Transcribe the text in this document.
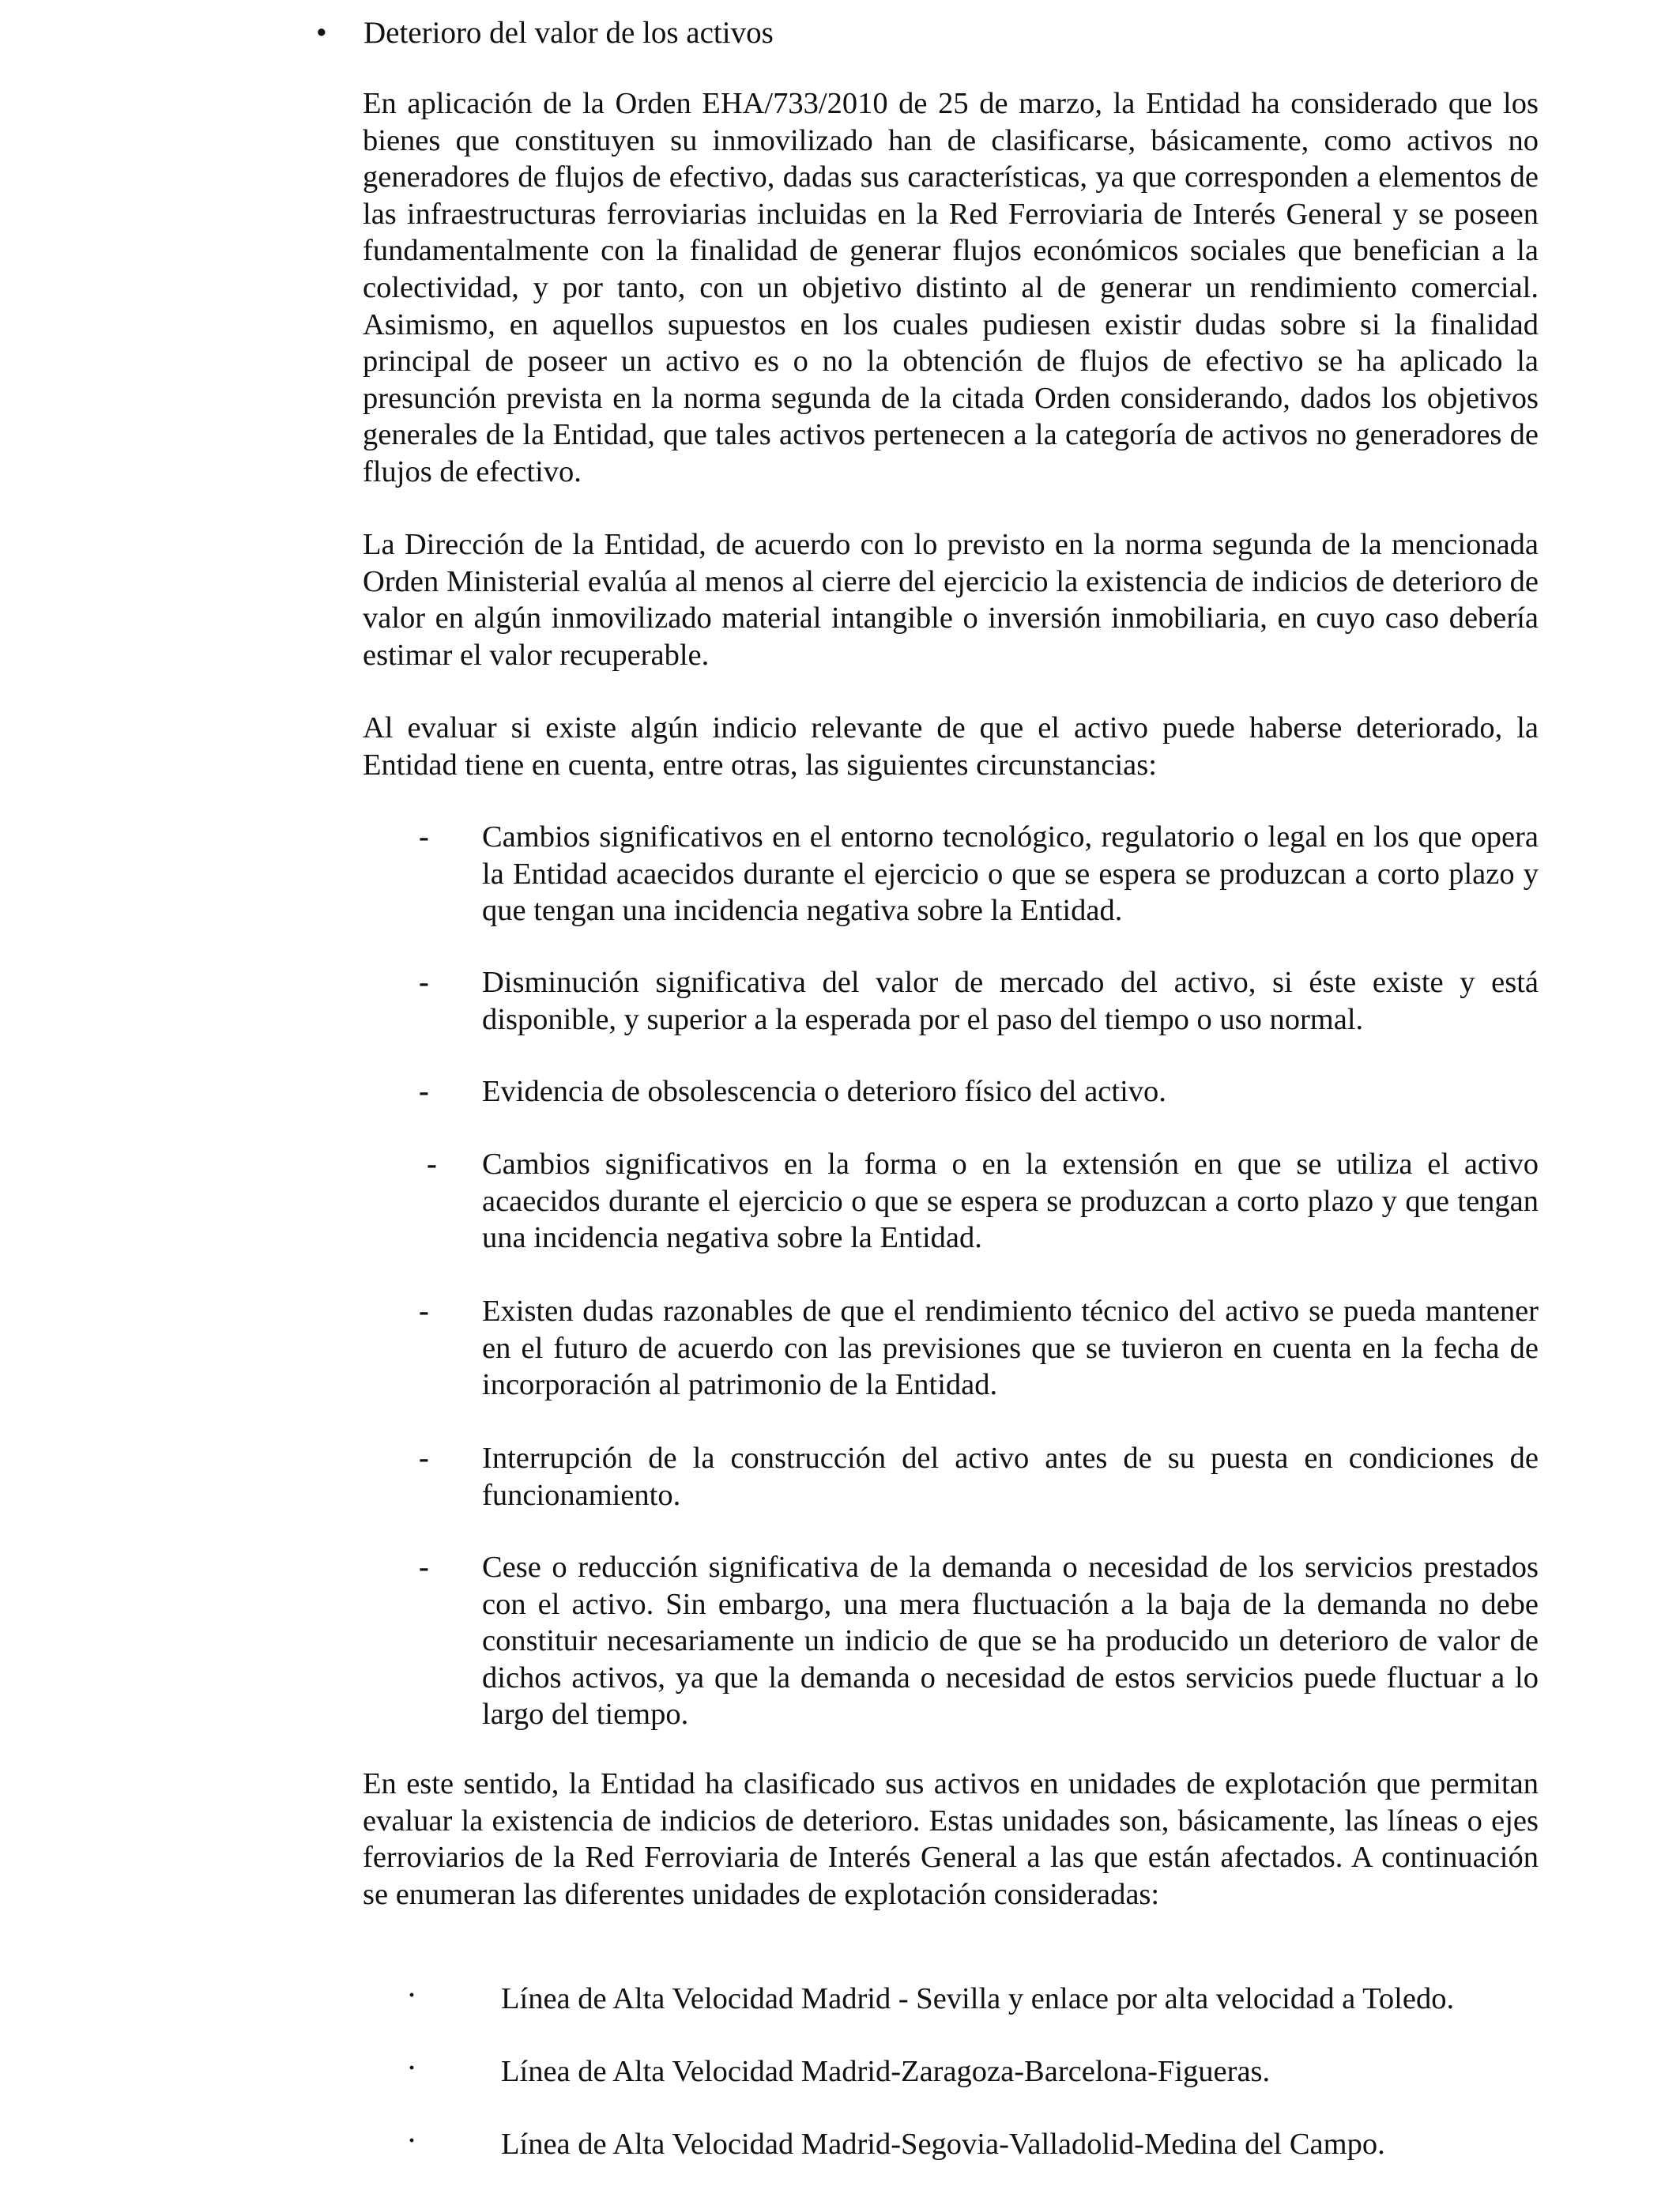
•	Deterioro del valor de los activos

En aplicación de la Orden EHA/733/2010 de 25 de marzo, la Entidad ha considerado que los bienes que constituyen su inmovilizado han de clasificarse, básicamente, como activos no generadores de flujos de efectivo, dadas sus características, ya que corresponden a elementos de las infraestructuras ferroviarias incluidas en la Red Ferroviaria de Interés General y se poseen fundamentalmente con la finalidad de generar flujos económicos sociales que benefician a la colectividad, y por tanto, con un objetivo distinto al de generar un rendimiento comercial. Asimismo, en aquellos supuestos en los cuales pudiesen existir dudas sobre si la finalidad principal de poseer un activo es o no la obtención de flujos de efectivo se ha aplicado la presunción prevista en la norma segunda de la citada Orden considerando, dados los objetivos generales de la Entidad, que tales activos pertenecen a la categoría de activos no generadores de flujos de efectivo.

La Dirección de la Entidad, de acuerdo con lo previsto en la norma segunda de la mencionada Orden Ministerial evalúa al menos al cierre del ejercicio la existencia de indicios de deterioro de valor en algún inmovilizado material intangible o inversión inmobiliaria, en cuyo caso debería estimar el valor recuperable.

Al evaluar si existe algún indicio relevante de que el activo puede haberse deteriorado, la Entidad tiene en cuenta, entre otras, las siguientes circunstancias:

-	Cambios significativos en el entorno tecnológico, regulatorio o legal en los que opera la Entidad acaecidos durante el ejercicio o que se espera se produzcan a corto plazo y que tengan una incidencia negativa sobre la Entidad.

-	Disminución significativa del valor de mercado del activo, si éste existe y está disponible, y superior a la esperada por el paso del tiempo o uso normal.

-	Evidencia de obsolescencia o deterioro físico del activo.

-	Cambios significativos en la forma o en la extensión en que se utiliza el activo acaecidos durante el ejercicio o que se espera se produzcan a corto plazo y que tengan una incidencia negativa sobre la Entidad.

-	Existen dudas razonables de que el rendimiento técnico del activo se pueda mantener en el futuro de acuerdo con las previsiones que se tuvieron en cuenta en la fecha de incorporación al patrimonio de la Entidad.

-	Interrupción de la construcción del activo antes de su puesta en condiciones de funcionamiento.

-	Cese o reducción significativa de la demanda o necesidad de los servicios prestados con el activo. Sin embargo, una mera fluctuación a la baja de la demanda no debe constituir necesariamente un indicio de que se ha producido un deterioro de valor de dichos activos, ya que la demanda o necesidad de estos servicios puede fluctuar a lo largo del tiempo.

En este sentido, la Entidad ha clasificado sus activos en unidades de explotación que permitan evaluar la existencia de indicios de deterioro. Estas unidades son, básicamente, las líneas o ejes ferroviarios de la Red Ferroviaria de Interés General a las que están afectados. A continuación se enumeran las diferentes unidades de explotación consideradas:

·	Línea de Alta Velocidad Madrid - Sevilla y enlace por alta velocidad a Toledo.
·	Línea de Alta Velocidad Madrid-Zaragoza-Barcelona-Figueras.
·	Línea de Alta Velocidad Madrid-Segovia-Valladolid-Medina del Campo.
